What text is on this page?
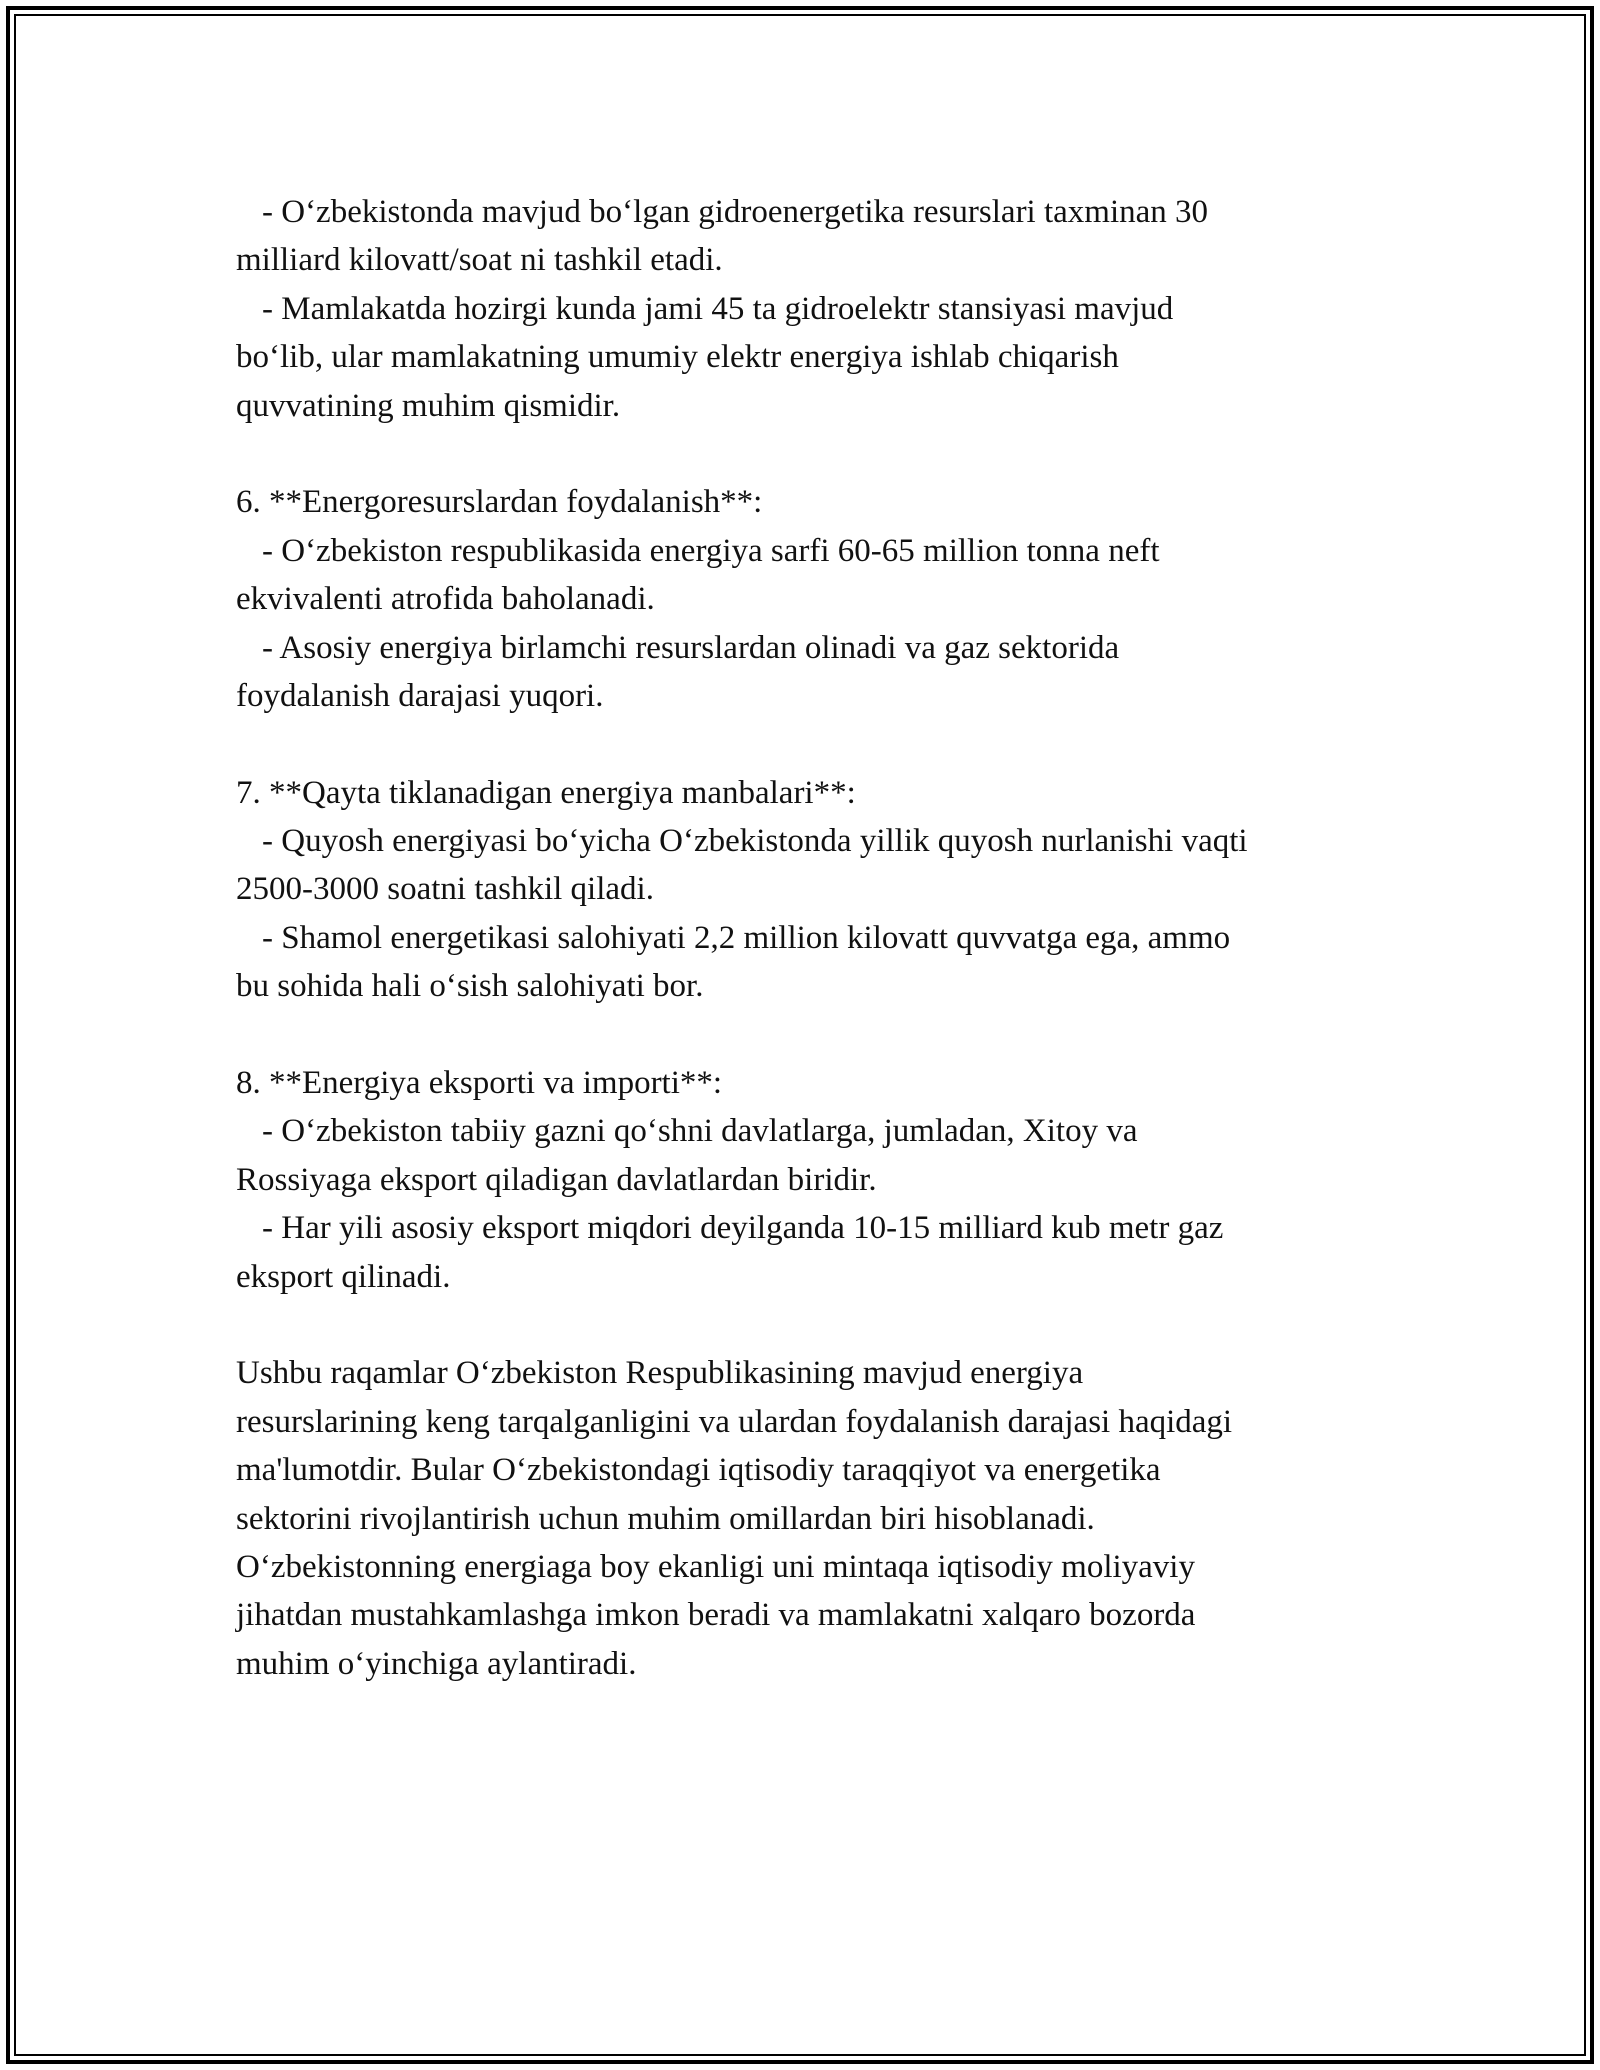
- O‘zbekistonda mavjud bo‘lgan gidroenergetika resurslari taxminan 30
milliard kilovatt/soat ni tashkil etadi.
- Mamlakatda hozirgi kunda jami 45 ta gidroelektr stansiyasi mavjud
bo‘lib, ular mamlakatning umumiy elektr energiya ishlab chiqarish
quvvatining muhim qismidir.
6. **Energoresurslardan foydalanish**:
- O‘zbekiston respublikasida energiya sarfi 60-65 million tonna neft
ekvivalenti atrofida baholanadi.
- Asosiy energiya birlamchi resurslardan olinadi va gaz sektorida
foydalanish darajasi yuqori.
7. **Qayta tiklanadigan energiya manbalari**:
- Quyosh energiyasi bo‘yicha O‘zbekistonda yillik quyosh nurlanishi vaqti
2500-3000 soatni tashkil qiladi.
- Shamol energetikasi salohiyati 2,2 million kilovatt quvvatga ega, ammo
bu sohida hali o‘sish salohiyati bor.
8. **Energiya eksporti va importi**:
- O‘zbekiston tabiiy gazni qo‘shni davlatlarga, jumladan, Xitoy va
Rossiyaga eksport qiladigan davlatlardan biridir.
- Har yili asosiy eksport miqdori deyilganda 10-15 milliard kub metr gaz
eksport qilinadi.
Ushbu raqamlar O‘zbekiston Respublikasining mavjud energiya
resurslarining keng tarqalganligini va ulardan foydalanish darajasi haqidagi
ma'lumotdir. Bular O‘zbekistondagi iqtisodiy taraqqiyot va energetika
sektorini rivojlantirish uchun muhim omillardan biri hisoblanadi.
O‘zbekistonning energiaga boy ekanligi uni mintaqa iqtisodiy moliyaviy
jihatdan mustahkamlashga imkon beradi va mamlakatni xalqaro bozorda
muhim o‘yinchiga aylantiradi.
